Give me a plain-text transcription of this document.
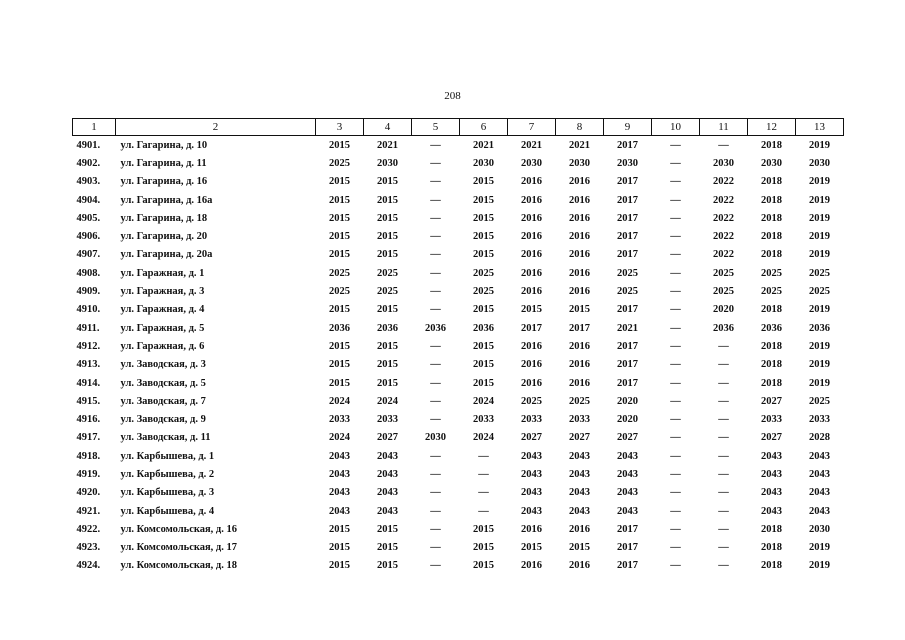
208
1	2	3	4	5	6	7	8	9	10	11	12	13
4901.	ул. Гагарина, д. 10	2015	2021	—	2021	2021	2021	2017	—	—	2018	2019
4902.	ул. Гагарина, д. 11	2025	2030	—	2030	2030	2030	2030	—	2030	2030	2030
4903.	ул. Гагарина, д. 16	2015	2015	—	2015	2016	2016	2017	—	2022	2018	2019
4904.	ул. Гагарина, д. 16а	2015	2015	—	2015	2016	2016	2017	—	2022	2018	2019
4905.	ул. Гагарина, д. 18	2015	2015	—	2015	2016	2016	2017	—	2022	2018	2019
4906.	ул. Гагарина, д. 20	2015	2015	—	2015	2016	2016	2017	—	2022	2018	2019
4907.	ул. Гагарина, д. 20а	2015	2015	—	2015	2016	2016	2017	—	2022	2018	2019
4908.	ул. Гаражная, д. 1	2025	2025	—	2025	2016	2016	2025	—	2025	2025	2025
4909.	ул. Гаражная, д. 3	2025	2025	—	2025	2016	2016	2025	—	2025	2025	2025
4910.	ул. Гаражная, д. 4	2015	2015	—	2015	2015	2015	2017	—	2020	2018	2019
4911.	ул. Гаражная, д. 5	2036	2036	2036	2036	2017	2017	2021	—	2036	2036	2036
4912.	ул. Гаражная, д. 6	2015	2015	—	2015	2016	2016	2017	—	—	2018	2019
4913.	ул. Заводская, д. 3	2015	2015	—	2015	2016	2016	2017	—	—	2018	2019
4914.	ул. Заводская, д. 5	2015	2015	—	2015	2016	2016	2017	—	—	2018	2019
4915.	ул. Заводская, д. 7	2024	2024	—	2024	2025	2025	2020	—	—	2027	2025
4916.	ул. Заводская, д. 9	2033	2033	—	2033	2033	2033	2020	—	—	2033	2033
4917.	ул. Заводская, д. 11	2024	2027	2030	2024	2027	2027	2027	—	—	2027	2028
4918.	ул. Карбышева, д. 1	2043	2043	—	—	2043	2043	2043	—	—	2043	2043
4919.	ул. Карбышева, д. 2	2043	2043	—	—	2043	2043	2043	—	—	2043	2043
4920.	ул. Карбышева, д. 3	2043	2043	—	—	2043	2043	2043	—	—	2043	2043
4921.	ул. Карбышева, д. 4	2043	2043	—	—	2043	2043	2043	—	—	2043	2043
4922.	ул. Комсомольская, д. 16	2015	2015	—	2015	2016	2016	2017	—	—	2018	2030
4923.	ул. Комсомольская, д. 17	2015	2015	—	2015	2015	2015	2017	—	—	2018	2019
4924.	ул. Комсомольская, д. 18	2015	2015	—	2015	2016	2016	2017	—	—	2018	2019
